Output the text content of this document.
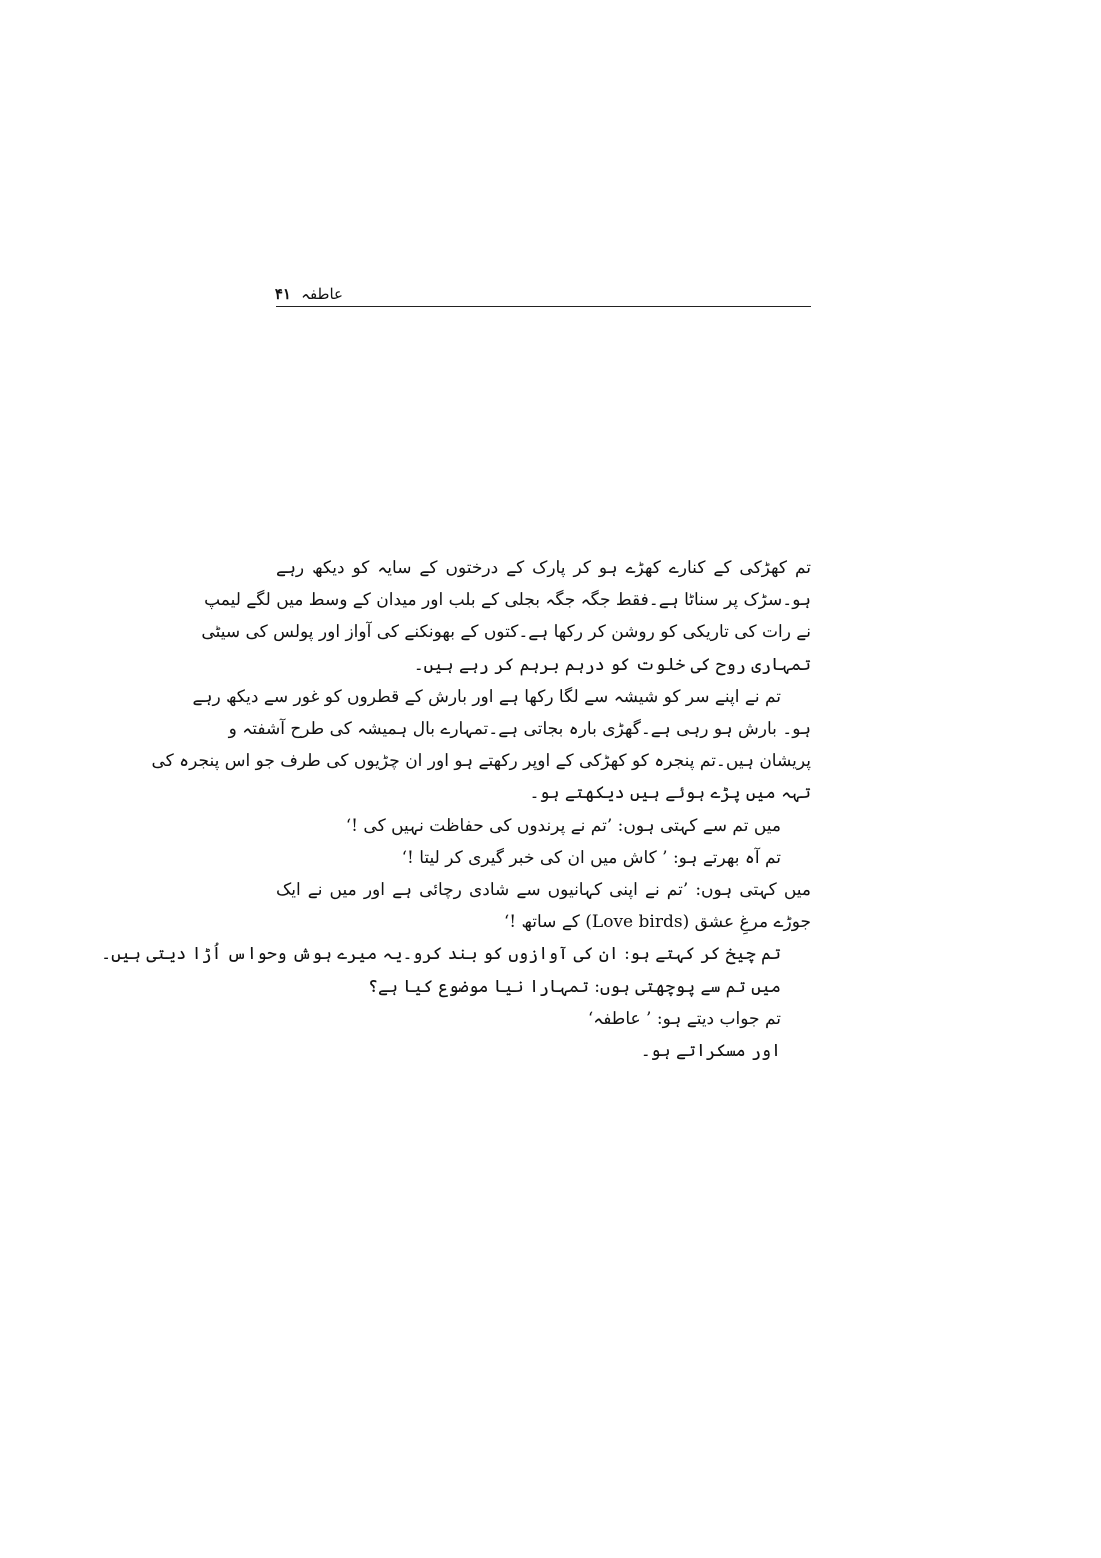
عاطفہ
۴۱
تم کھڑکی کے کنارے کھڑے ہو کر پارک کے درختوں کے سایہ کو دیکھ رہے
ہو۔سڑک پر سناٹا ہے۔فقط جگہ جگہ بجلی کے بلب اور میدان کے وسط میں لگے لیمپ
نے رات کی تاریکی کو روشن کر رکھا ہے۔کتوں کے بھونکنے کی آواز اور پولس کی سیٹی
تمہاری روح کی خلوت کو درہم برہم کر رہے ہیں۔
تم نے اپنے سر کو شیشہ سے لگا رکھا ہے اور بارش کے قطروں کو غور سے دیکھ رہے
ہو۔ بارش ہو رہی ہے۔گھڑی بارہ بجاتی ہے۔تمہارے بال ہمیشہ کی طرح آشفتہ و
پریشان ہیں۔تم پنجرہ کو کھڑکی کے اوپر رکھتے ہو اور ان چڑیوں کی طرف جو اس پنجرہ کی
تہہ میں پڑے ہوئے ہیں دیکھتے ہو۔
میں تم سے کہتی ہوں: ’تم نے پرندوں کی حفاظت نہیں کی !‘
تم آہ بھرتے ہو: ’ کاش میں ان کی خبر گیری کر لیتا !‘
میں کہتی ہوں: ’تم نے اپنی کہانیوں سے شادی رچائی ہے اور میں نے ایک
جوڑے مرغِ عشق (Love birds) کے ساتھ !‘
تم چیخ کر کہتے ہو: ان کی آوازوں کو بند کرو۔یہ میرے ہوش وحواس اُڑا دیتی ہیں۔
میں تم سے پوچھتی ہوں: تمہارا نیا موضوع کیا ہے؟
تم جواب دیتے ہو: ’ عاطفہ‘
اور مسکراتے ہو۔
